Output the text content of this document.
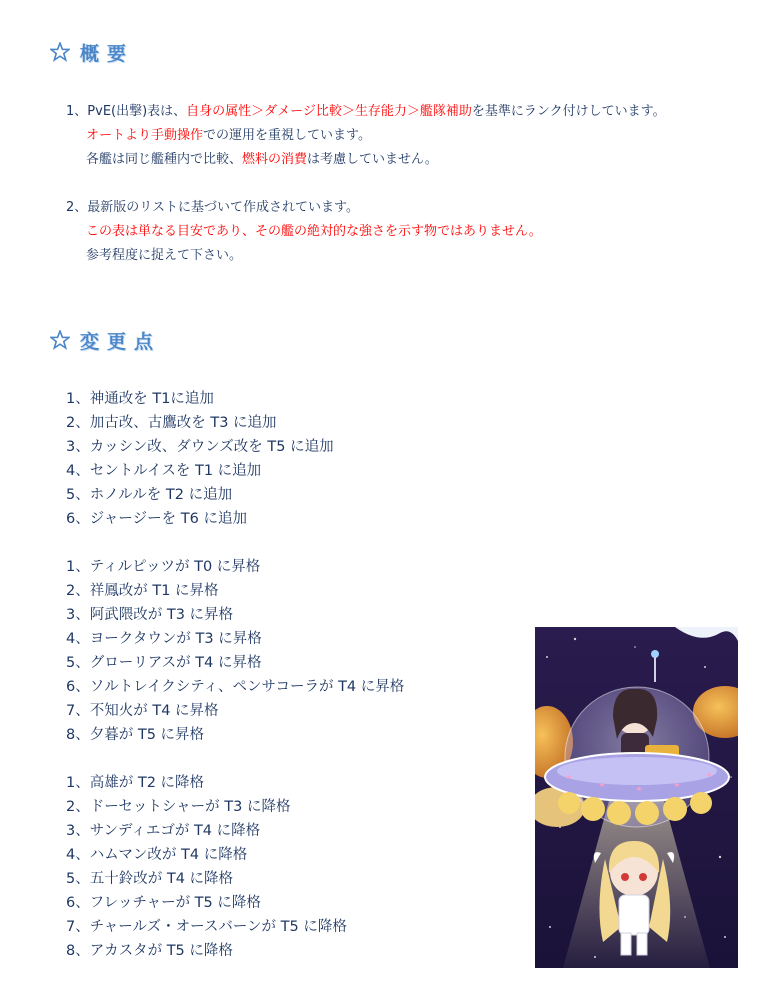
概要
1、PvE(出撃)表は、自身の属性＞ダメージ比較＞生存能力＞艦隊補助を基準にランク付けしています。
オートより手動操作での運用を重視しています。
各艦は同じ艦種内で比較、燃料の消費は考慮していません。
2、最新版のリストに基づいて作成されています。
この表は単なる目安であり、その艦の絶対的な強さを示す物ではありません。
参考程度に捉えて下さい。
変更点
1、神通改を T1に追加
2、加古改、古鷹改を T3 に追加
3、カッシン改、ダウンズ改を T5 に追加
4、セントルイスを T1 に追加
5、ホノルルを T2 に追加
6、ジャージーを T6 に追加
1、ティルピッツが T0 に昇格
2、祥鳳改が T1 に昇格
3、阿武隈改が T3 に昇格
4、ヨークタウンが T3 に昇格
5、グローリアスが T4 に昇格
6、ソルトレイクシティ、ペンサコーラが T4 に昇格
7、不知火が T4 に昇格
8、夕暮が T5 に昇格
1、高雄が T2 に降格
2、ドーセットシャーが T3 に降格
3、サンディエゴが T4 に降格
4、ハムマン改が T4 に降格
5、五十鈴改が T4 に降格
6、フレッチャーが T5 に降格
7、チャールズ・オースバーンが T5 に降格
8、アカスタが T5 に降格
